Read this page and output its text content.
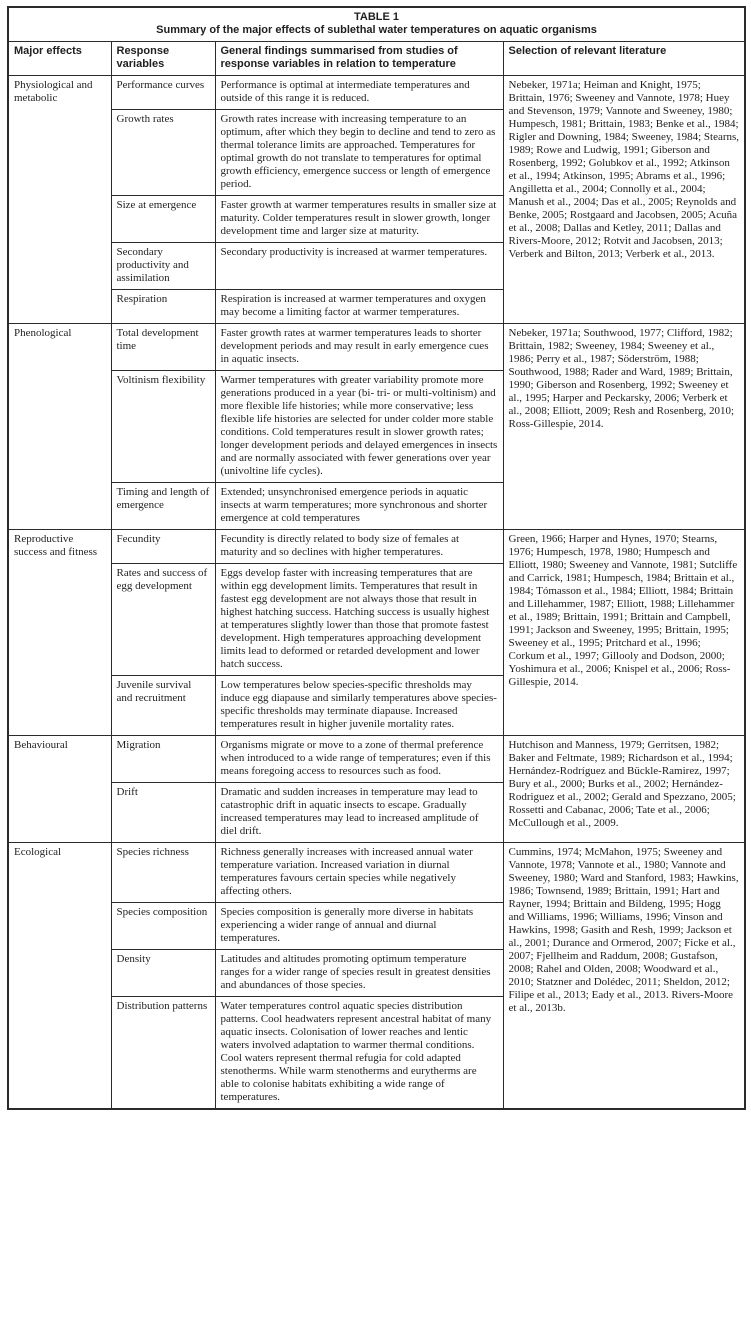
TABLE 1
Summary of the major effects of sublethal water temperatures on aquatic organisms			

Major effects	Response variables	General findings summarised from studies of response variables in relation to temperature	Selection of relevant literature
Physiological and metabolic	Performance curves	Performance is optimal at intermediate temperatures and outside of this range it is reduced.	Nebeker, 1971a; Heiman and Knight, 1975; Brittain, 1976; Sweeney and Vannote, 1978; Huey and Stevenson, 1979; Vannote and Sweeney, 1980; Humpesch, 1981; Brittain, 1983; Benke et al., 1984; Rigler and Downing, 1984; Sweeney, 1984; Stearns, 1989; Rowe and Ludwig, 1991; Giberson and Rosenberg, 1992; Golubkov et al., 1992; Atkinson et al., 1994; Atkinson, 1995; Abrams et al., 1996; Angilletta et al., 2004; Connolly et al., 2004; Manush et al., 2004; Das et al., 2005; Reynolds and Benke, 2005; Rostgaard and Jacobsen, 2005; Acuña et al., 2008; Dallas and Ketley, 2011; Dallas and Rivers-Moore, 2012; Rotvit and Jacobsen, 2013; Verberk and Bilton, 2013; Verberk et al., 2013.
	Growth rates	Growth rates increase with increasing temperature to an optimum, after which they begin to decline and tend to zero as thermal tolerance limits are approached. Temperatures for optimal growth do not translate to temperatures for optimal growth efficiency, emergence success or length of emergence period.	
	Size at emergence	Faster growth at warmer temperatures results in smaller size at maturity. Colder temperatures result in slower growth, longer development time and larger size at maturity.	
	Secondary productivity and assimilation	Secondary productivity is increased at warmer temperatures.	
	Respiration	Respiration is increased at warmer temperatures and oxygen may become a limiting factor at warmer temperatures.	
Phenological	Total development time	Faster growth rates at warmer temperatures leads to shorter development periods and may result in early emergence cues in aquatic insects.	Nebeker, 1971a; Southwood, 1977; Clifford, 1982; Brittain, 1982; Sweeney, 1984; Sweeney et al., 1986; Perry et al., 1987; Söderström, 1988; Southwood, 1988; Rader and Ward, 1989; Brittain, 1990; Giberson and Rosenberg, 1992; Sweeney et al., 1995; Harper and Peckarsky, 2006; Verberk et al., 2008; Elliott, 2009; Resh and Rosenberg, 2010; Ross-Gillespie, 2014.
	Voltinism flexibility	Warmer temperatures with greater variability promote more generations produced in a year (bi- tri- or multi-voltinism) and more flexible life histories; while more conservative; less flexible life histories are selected for under colder more stable conditions. Cold temperatures result in slower growth rates; longer development periods and delayed emergences in insects and are normally associated with fewer generations over year (univoltine life cycles).	
	Timing and length of emergence	Extended; unsynchronised emergence periods in aquatic insects at warm temperatures; more synchronous and shorter emergence at cold temperatures	
Reproductive success and fitness	Fecundity	Fecundity is directly related to body size of females at maturity and so declines with higher temperatures.	Green, 1966; Harper and Hynes, 1970; Stearns, 1976; Humpesch, 1978, 1980; Humpesch and Elliott, 1980; Sweeney and Vannote, 1981; Sutcliffe and Carrick, 1981; Humpesch, 1984; Brittain et al., 1984; Tómasson et al., 1984; Elliott, 1984; Brittain and Lillehammer, 1987; Elliott, 1988; Lillehammer et al., 1989; Brittain, 1991; Brittain and Campbell, 1991; Jackson and Sweeney, 1995; Brittain, 1995; Sweeney et al., 1995; Pritchard et al., 1996; Corkum et al., 1997; Gillooly and Dodson, 2000; Yoshimura et al., 2006; Knispel et al., 2006; Ross-Gillespie, 2014.
	Rates and success of egg development	Eggs develop faster with increasing temperatures that are within egg development limits. Temperatures that result in fastest egg development are not always those that result in highest hatching success. Hatching success is usually highest at temperatures slightly lower than those that promote fastest development. High temperatures approaching development limits lead to deformed or retarded development and lower hatch success.	
	Juvenile survival and recruitment	Low temperatures below species-specific thresholds may induce egg diapause and similarly temperatures above species-specific thresholds may terminate diapause. Increased temperatures result in higher juvenile mortality rates.	
Behavioural	Migration	Organisms migrate or move to a zone of thermal preference when introduced to a wide range of temperatures; even if this means foregoing access to resources such as food.	Hutchison and Manness, 1979; Gerritsen, 1982; Baker and Feltmate, 1989; Richardson et al., 1994; Hernández-Rodríguez and Bückle-Ramirez, 1997; Bury et al., 2000; Burks et al., 2002; Hernández-Rodriguez et al., 2002; Gerald and Spezzano, 2005; Rossetti and Cabanac, 2006; Tate et al., 2006; McCullough et al., 2009.
	Drift	Dramatic and sudden increases in temperature may lead to catastrophic drift in aquatic insects to escape. Gradually increased temperatures may lead to increased amplitude of diel drift.	
Ecological	Species richness	Richness generally increases with increased annual water temperature variation. Increased variation in diurnal temperatures favours certain species while negatively affecting others.	Cummins, 1974; McMahon, 1975; Sweeney and Vannote, 1978; Vannote et al., 1980; Vannote and Sweeney, 1980; Ward and Stanford, 1983; Hawkins, 1986; Townsend, 1989; Brittain, 1991; Hart and Rayner, 1994; Brittain and Bildeng, 1995; Hogg and Williams, 1996; Williams, 1996; Vinson and Hawkins, 1998; Gasith and Resh, 1999; Jackson et al., 2001; Durance and Ormerod, 2007; Ficke et al., 2007; Fjellheim and Raddum, 2008; Gustafson, 2008; Rahel and Olden, 2008; Woodward et al., 2010; Statzner and Dolédec, 2011; Sheldon, 2012; Filipe et al., 2013; Eady et al., 2013. Rivers-Moore et al., 2013b.
	Species composition	Species composition is generally more diverse in habitats experiencing a wider range of annual and diurnal temperatures.	
	Density	Latitudes and altitudes promoting optimum temperature ranges for a wider range of species result in greatest densities and abundances of those species.	
	Distribution patterns	Water temperatures control aquatic species distribution patterns. Cool headwaters represent ancestral habitat of many aquatic insects. Colonisation of lower reaches and lentic waters involved adaptation to warmer thermal conditions. Cool waters represent thermal refugia for cold adapted stenotherms. While warm stenotherms and eurytherms are able to colonise habitats exhibiting a wide range of temperatures.	
